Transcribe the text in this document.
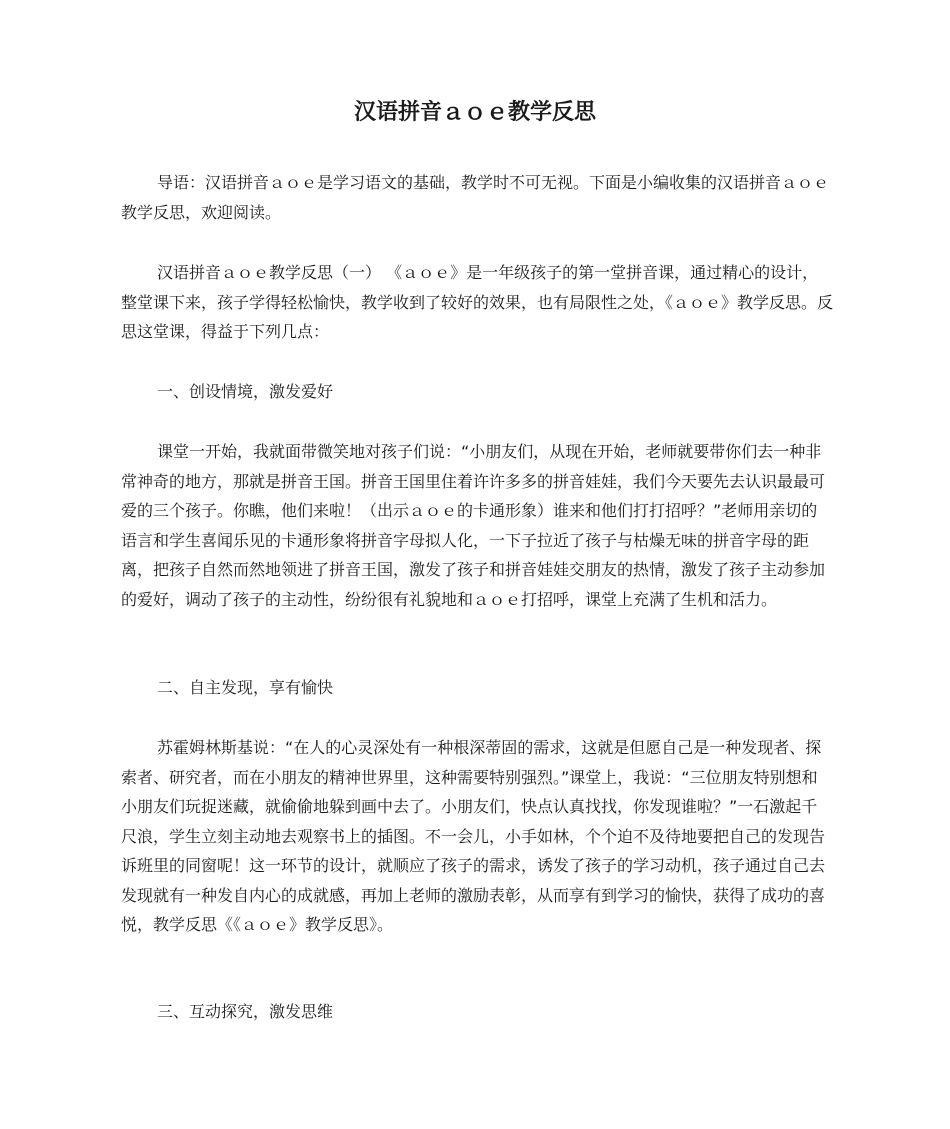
汉语拼音ａｏｅ教学反思

导语：汉语拼音ａｏｅ是学习语文的基础，教学时不可无视。下面是小编收集的汉语拼音ａｏｅ教学反思，欢迎阅读。

汉语拼音ａｏｅ教学反思（一） 《ａｏｅ》是一年级孩子的第一堂拼音课，通过精心的设计，整堂课下来，孩子学得轻松愉快，教学收到了较好的效果，也有局限性之处，《ａｏｅ》教学反思。反思这堂课，得益于下列几点：

一、创设情境，激发爱好

课堂一开始，我就面带微笑地对孩子们说：“小朋友们，从现在开始，老师就要带你们去一种非常神奇的地方，那就是拼音王国。拼音王国里住着许许多多的拼音娃娃，我们今天要先去认识最最可爱的三个孩子。你瞧，他们来啦！（出示ａｏｅ的卡通形象）谁来和他们打打招呼？”老师用亲切的语言和学生喜闻乐见的卡通形象将拼音字母拟人化，一下子拉近了孩子与枯燥无味的拼音字母的距离，把孩子自然而然地领进了拼音王国，激发了孩子和拼音娃娃交朋友的热情，激发了孩子主动参加的爱好，调动了孩子的主动性，纷纷很有礼貌地和ａｏｅ打招呼，课堂上充满了生机和活力。

二、自主发现，享有愉快

苏霍姆林斯基说：“在人的心灵深处有一种根深蒂固的需求，这就是但愿自己是一种发现者、探索者、研究者，而在小朋友的精神世界里，这种需要特别强烈。”课堂上，我说：“三位朋友特别想和小朋友们玩捉迷藏，就偷偷地躲到画中去了。小朋友们，快点认真找找，你发现谁啦？”一石激起千尺浪，学生立刻主动地去观察书上的插图。不一会儿，小手如林，个个迫不及待地要把自己的发现告诉班里的同窗呢！这一环节的设计，就顺应了孩子的需求，诱发了孩子的学习动机，孩子通过自己去发现就有一种发自内心的成就感，再加上老师的激励表彰，从而享有到学习的愉快，获得了成功的喜悦，教学反思《《ａｏｅ》教学反思》。

三、互动探究，激发思维
